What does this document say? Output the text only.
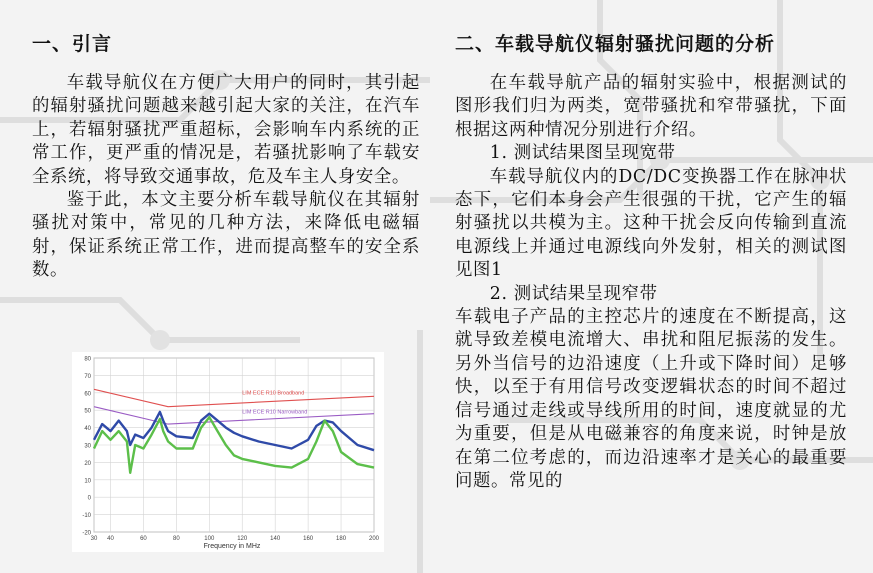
一、引言

车载导航仪在方便广大用户的同时，其引起的辐射骚扰问题越来越引起大家的关注，在汽车上，若辐射骚扰严重超标，会影响车内系统的正常工作，更严重的情况是，若骚扰影响了车载安全系统，将导致交通事故，危及车主人身安全。

鉴于此，本文主要分析车载导航仪在其辐射骚扰对策中，常见的几种方法，来降低电磁辐射，保证系统正常工作，进而提高整车的安全系数。

-20
-10
0
10
20
30
40
50
60
70
80
30 40	60	80	100	120	140	160	180	200
LIM ECE R10 Broadband
LIM ECE R10 Narrowband
Frequency in MHz
二、车载导航仪辐射骚扰问题的分析

在车载导航产品的辐射实验中，根据测试的图形我们归为两类，宽带骚扰和窄带骚扰，下面根据这两种情况分别进行介绍。

1. 测试结果图呈现宽带

车载导航仪内的DC/DC变换器工作在脉冲状态下，它们本身会产生很强的干扰，它产生的辐射骚扰以共模为主。这种干扰会反向传输到直流电源线上并通过电源线向外发射，相关的测试图见图1

2. 测试结果呈现窄带

车载电子产品的主控芯片的速度在不断提高，这就导致差模电流增大、串扰和阻尼振荡的发生。另外当信号的边沿速度（上升或下降时间）足够快，以至于有用信号改变逻辑状态的时间不超过信号通过走线或导线所用的时间，速度就显的尤为重要，但是从电磁兼容的角度来说，时钟是放在第二位考虑的，而边沿速率才是关心的最重要问题。常见的
